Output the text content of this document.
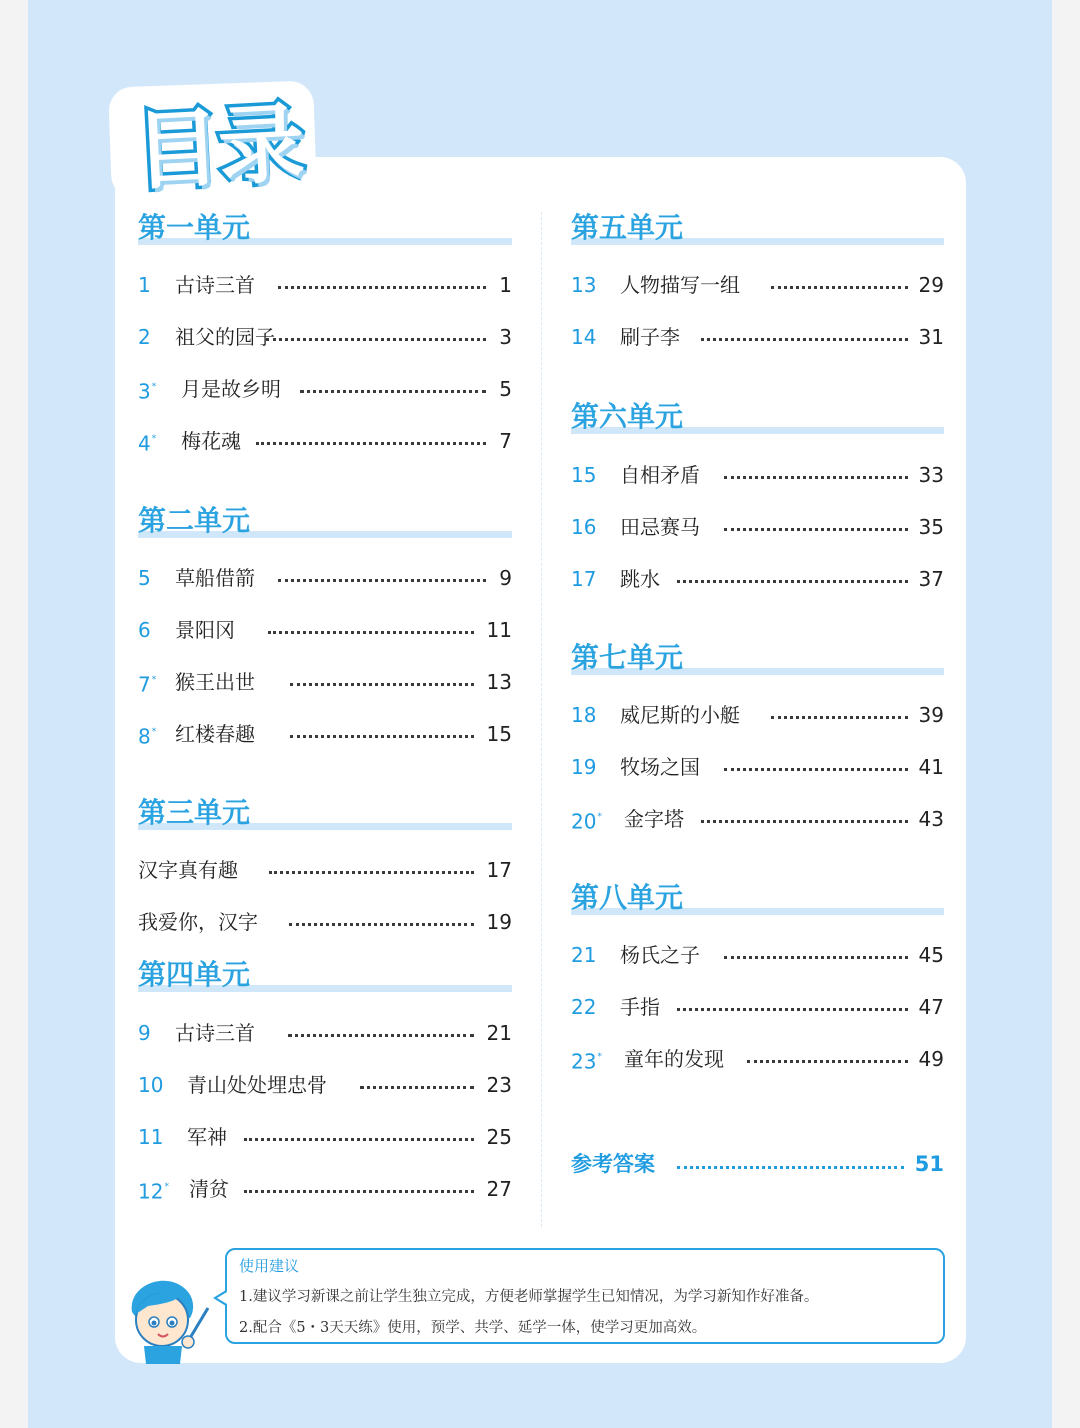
目录
第一单元
1 古诗三首	1
2 祖父的园子	3
3* 月是故乡明	5
4* 梅花魂	7
第二单元
5 草船借箭	9
6 景阳冈	11
7* 猴王出世	13
8* 红楼春趣	15
第三单元
汉字真有趣	17
我爱你，汉字	19
第四单元
9 古诗三首	21
10 青山处处埋忠骨	23
11 军神	25
12* 清贫	27
第五单元
13 人物描写一组	29
14 刷子李	31
第六单元
15 自相矛盾	33
16 田忌赛马	35
17 跳水	37
第七单元
18 威尼斯的小艇	39
19 牧场之国	41
20* 金字塔	43
第八单元
21 杨氏之子	45
22 手指	47
23* 童年的发现	49
参考答案	51
使用建议
1.建议学习新课之前让学生独立完成，方便老师掌握学生已知情况，为学习新知作好准备。
2.配合《5・3天天练》使用，预学、共学、延学一体，使学习更加高效。
